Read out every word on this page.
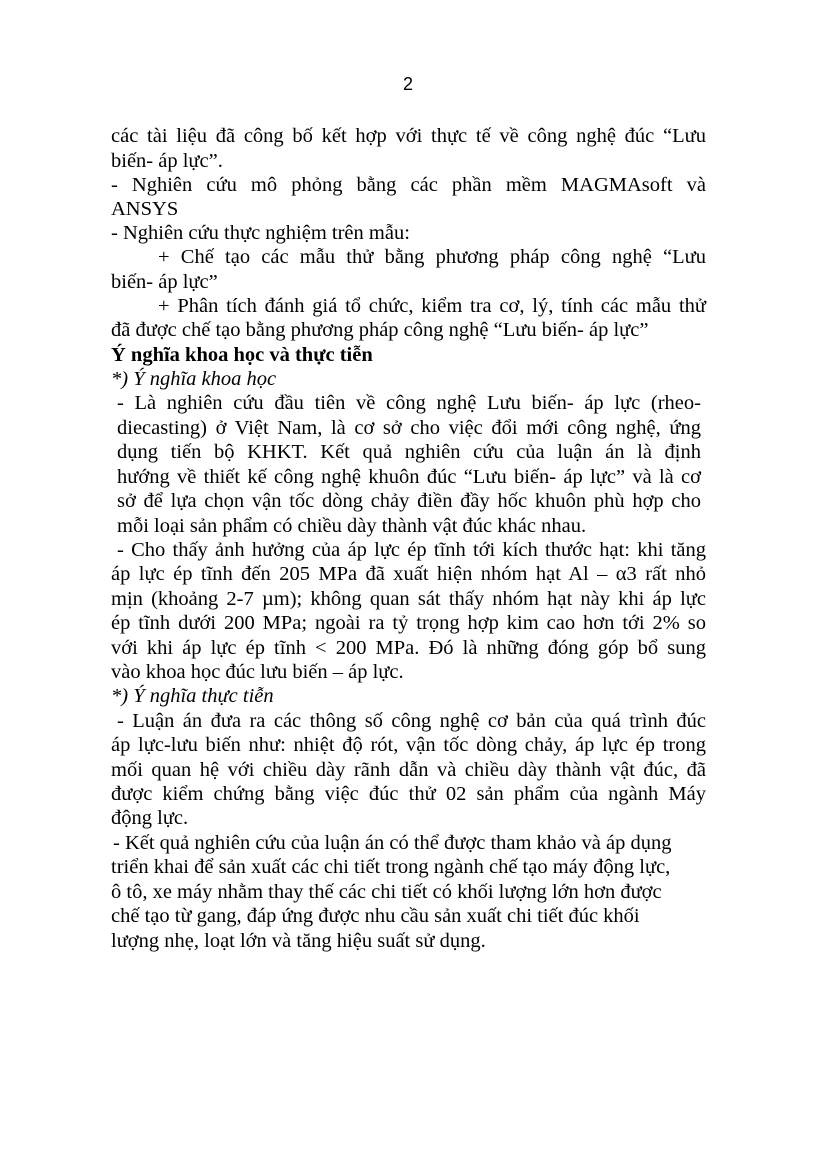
2
các tài liệu đã công bố kết hợp với thực tế về công nghệ đúc “Lưu
biến- áp lực”.
- Nghiên cứu mô phỏng bằng các phần mềm MAGMAsoft và
ANSYS
- Nghiên cứu thực nghiệm trên mẫu:
+ Chế tạo các mẫu thử bằng phương pháp công nghệ “Lưu
biến- áp lực”
+ Phân tích đánh giá tổ chức, kiểm tra cơ, lý, tính các mẫu thử
đã được chế tạo bằng phương pháp công nghệ “Lưu biến- áp lực”
Ý nghĩa khoa học và thực tiễn
*) Ý nghĩa khoa học
- Là nghiên cứu đầu tiên về công nghệ Lưu biến- áp lực (rheo-
diecasting) ở Việt Nam, là cơ sở cho việc đổi mới công nghệ, ứng
dụng tiến bộ KHKT. Kết quả nghiên cứu của luận án là định
hướng về thiết kế công nghệ khuôn đúc “Lưu biến- áp lực” và là cơ
sở để lựa chọn vận tốc dòng chảy điền đầy hốc khuôn phù hợp cho
mỗi loại sản phẩm có chiều dày thành vật đúc khác nhau.
- Cho thấy ảnh hưởng của áp lực ép tĩnh tới kích thước hạt: khi tăng
áp lực ép tĩnh đến 205 MPa đã xuất hiện nhóm hạt Al – α3 rất nhỏ
mịn (khoảng 2-7 µm); không quan sát thấy nhóm hạt này khi áp lực
ép tĩnh dưới 200 MPa; ngoài ra tỷ trọng hợp kim cao hơn tới 2% so
với khi áp lực ép tĩnh < 200 MPa. Đó là những đóng góp bổ sung
vào khoa học đúc lưu biến – áp lực.
*) Ý nghĩa thực tiễn
- Luận án đưa ra các thông số công nghệ cơ bản của quá trình đúc
áp lực-lưu biến như: nhiệt độ rót, vận tốc dòng chảy, áp lực ép trong
mối quan hệ với chiều dày rãnh dẫn và chiều dày thành vật đúc, đã
được kiểm chứng bằng việc đúc thử 02 sản phẩm của ngành Máy
động lực.
- Kết quả nghiên cứu của luận án có thể được tham khảo và áp dụng
triển khai để sản xuất các chi tiết trong ngành chế tạo máy động lực,
ô tô, xe máy nhằm thay thế các chi tiết có khối lượng lớn hơn được
chế tạo từ gang, đáp ứng được nhu cầu sản xuất chi tiết đúc khối
lượng nhẹ, loạt lớn và tăng hiệu suất sử dụng.
